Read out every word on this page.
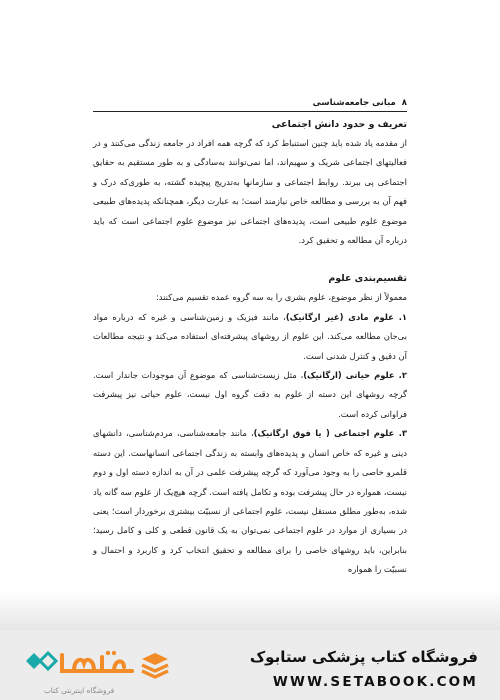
۸
مبانی جامعه‌شناسی
تعریف و حدود دانش اجتماعی

از مقدمه یاد شده باید چنین استنباط کرد که گرچه همه افراد در جامعه زندگی می‌کنند و در فعالیتهای اجتماعی شریک و سهیم‌اند، اما نمی‌توانند به‌سادگی و به طور مستقیم به حقایق اجتماعی پی ببرند. روابط اجتماعی و سازمانها به‌تدریج پیچیده گشته، به طوری‌که درک و فهم آن به بررسی و مطالعه خاص نیازمند است؛ به عبارت دیگر، همچنانکه پدیده‌های طبیعی موضوع علوم طبیعی است، پدیده‌های اجتماعی نیز موضوع علوم اجتماعی است که باید درباره آن مطالعه و تحقیق کرد.

تقسیم‌بندی علوم

معمولاً از نظر موضوع، علوم بشری را به سه گروه عمده تقسیم می‌کنند:

۱. علوم مادی (غیر ارگانیک)، مانند فیزیک و زمین‌شناسی و غیره که درباره مواد بی‌جان مطالعه می‌کند. این علوم از روشهای پیشرفته‌ای استفاده می‌کند و نتیجه مطالعات آن دقیق و کنترل شدنی است.

۲. علوم حیاتی (ارگانیک)، مثل زیست‌شناسی که موضوع آن موجودات جاندار است. گرچه روشهای این دسته از علوم به دقت گروه اول نیست، علوم حیاتی نیز پیشرفت فراوانی کرده است.

۳. علوم اجتماعی ( یا فوق ارگانیک)، مانند جامعه‌شناسی، مردم‌شناسی، دانشهای دینی و غیره که خاص انسان و پدیده‌های وابسته به زندگی اجتماعی انسانهاست. این دسته قلمرو خاصی را به وجود می‌آورد که گرچه پیشرفت علمی در آن به اندازه دسته اول و دوم نیست، همواره در حال پیشرفت بوده و تکامل یافته است. گرچه هیچ‌یک از علوم سه گانه یاد شده، به‌طور مطلق مستقل نیست، علوم اجتماعی از نسبیّت بیشتری برخوردار است؛ یعنی در بسیاری از موارد در علوم اجتماعی نمی‌توان به یک قانون قطعی و کلی و کامل رسید؛ بنابراین، باید روشهای خاصی را برای مطالعه و تحقیق انتخاب کرد و کاربرد و احتمال و نسبیّت را همواره

فروشگاه اینترنتی کتاب
فروشگاه کتاب پزشکی ستابوک
WWW.SETABOOK.COM
